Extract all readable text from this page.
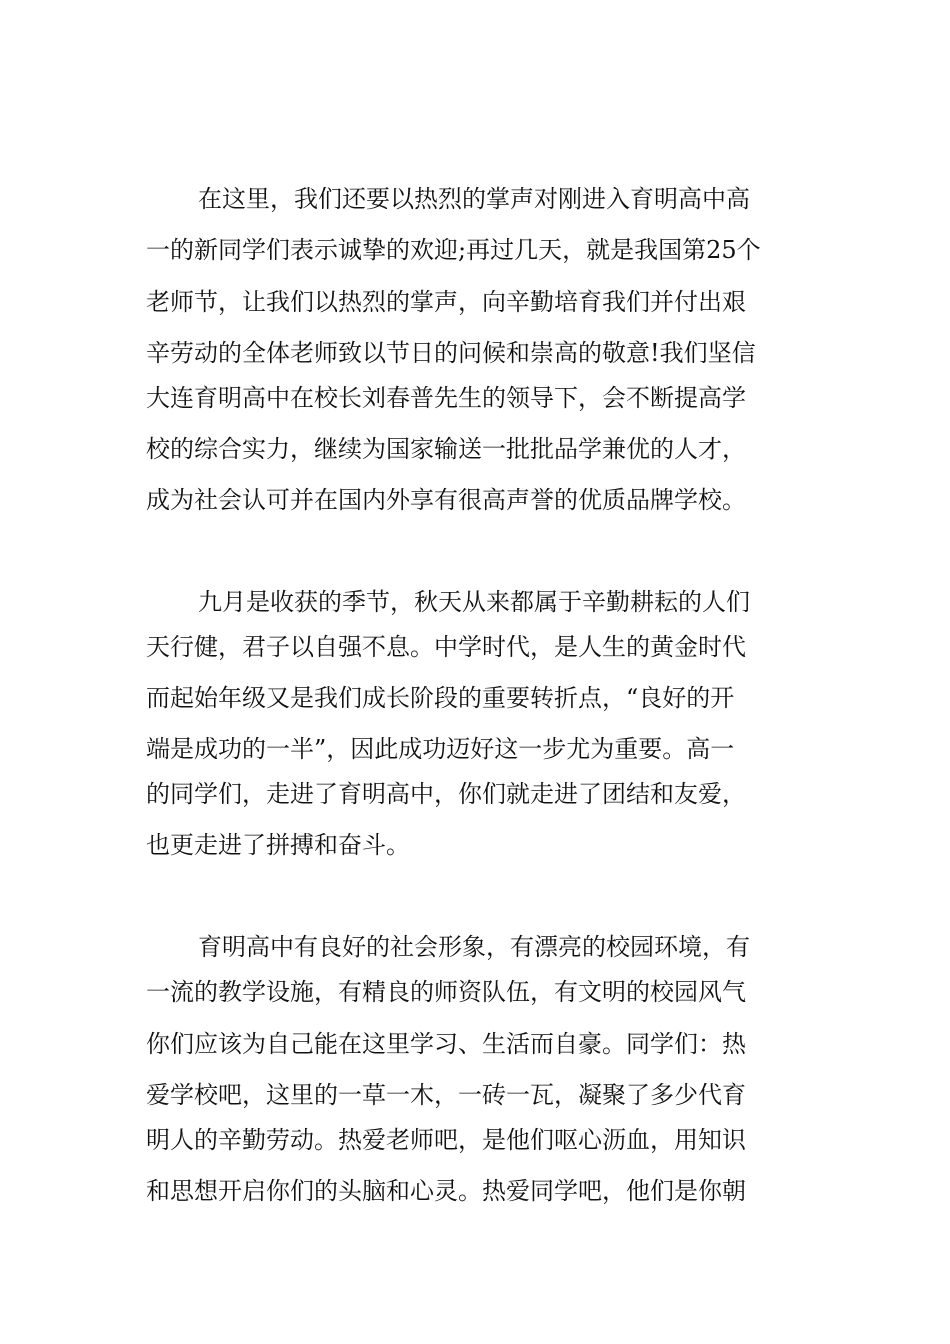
在这里，我们还要以热烈的掌声对刚进入育明高中高
一的新同学们表示诚挚的欢迎;再过几天，就是我国第25个
老师节，让我们以热烈的掌声，向辛勤培育我们并付出艰
辛劳动的全体老师致以节日的问候和崇高的敬意!我们坚信
大连育明高中在校长刘春普先生的领导下，会不断提高学
校的综合实力，继续为国家输送一批批品学兼优的人才，
成为社会认可并在国内外享有很高声誉的优质品牌学校。
九月是收获的季节，秋天从来都属于辛勤耕耘的人们
天行健，君子以自强不息。中学时代，是人生的黄金时代
而起始年级又是我们成长阶段的重要转折点，“良好的开
端是成功的一半”，因此成功迈好这一步尤为重要。高一
的同学们，走进了育明高中，你们就走进了团结和友爱，
也更走进了拼搏和奋斗。
育明高中有良好的社会形象，有漂亮的校园环境，有
一流的教学设施，有精良的师资队伍，有文明的校园风气
你们应该为自己能在这里学习、生活而自豪。同学们：热
爱学校吧，这里的一草一木，一砖一瓦，凝聚了多少代育
明人的辛勤劳动。热爱老师吧，是他们呕心沥血，用知识
和思想开启你们的头脑和心灵。热爱同学吧，他们是你朝
